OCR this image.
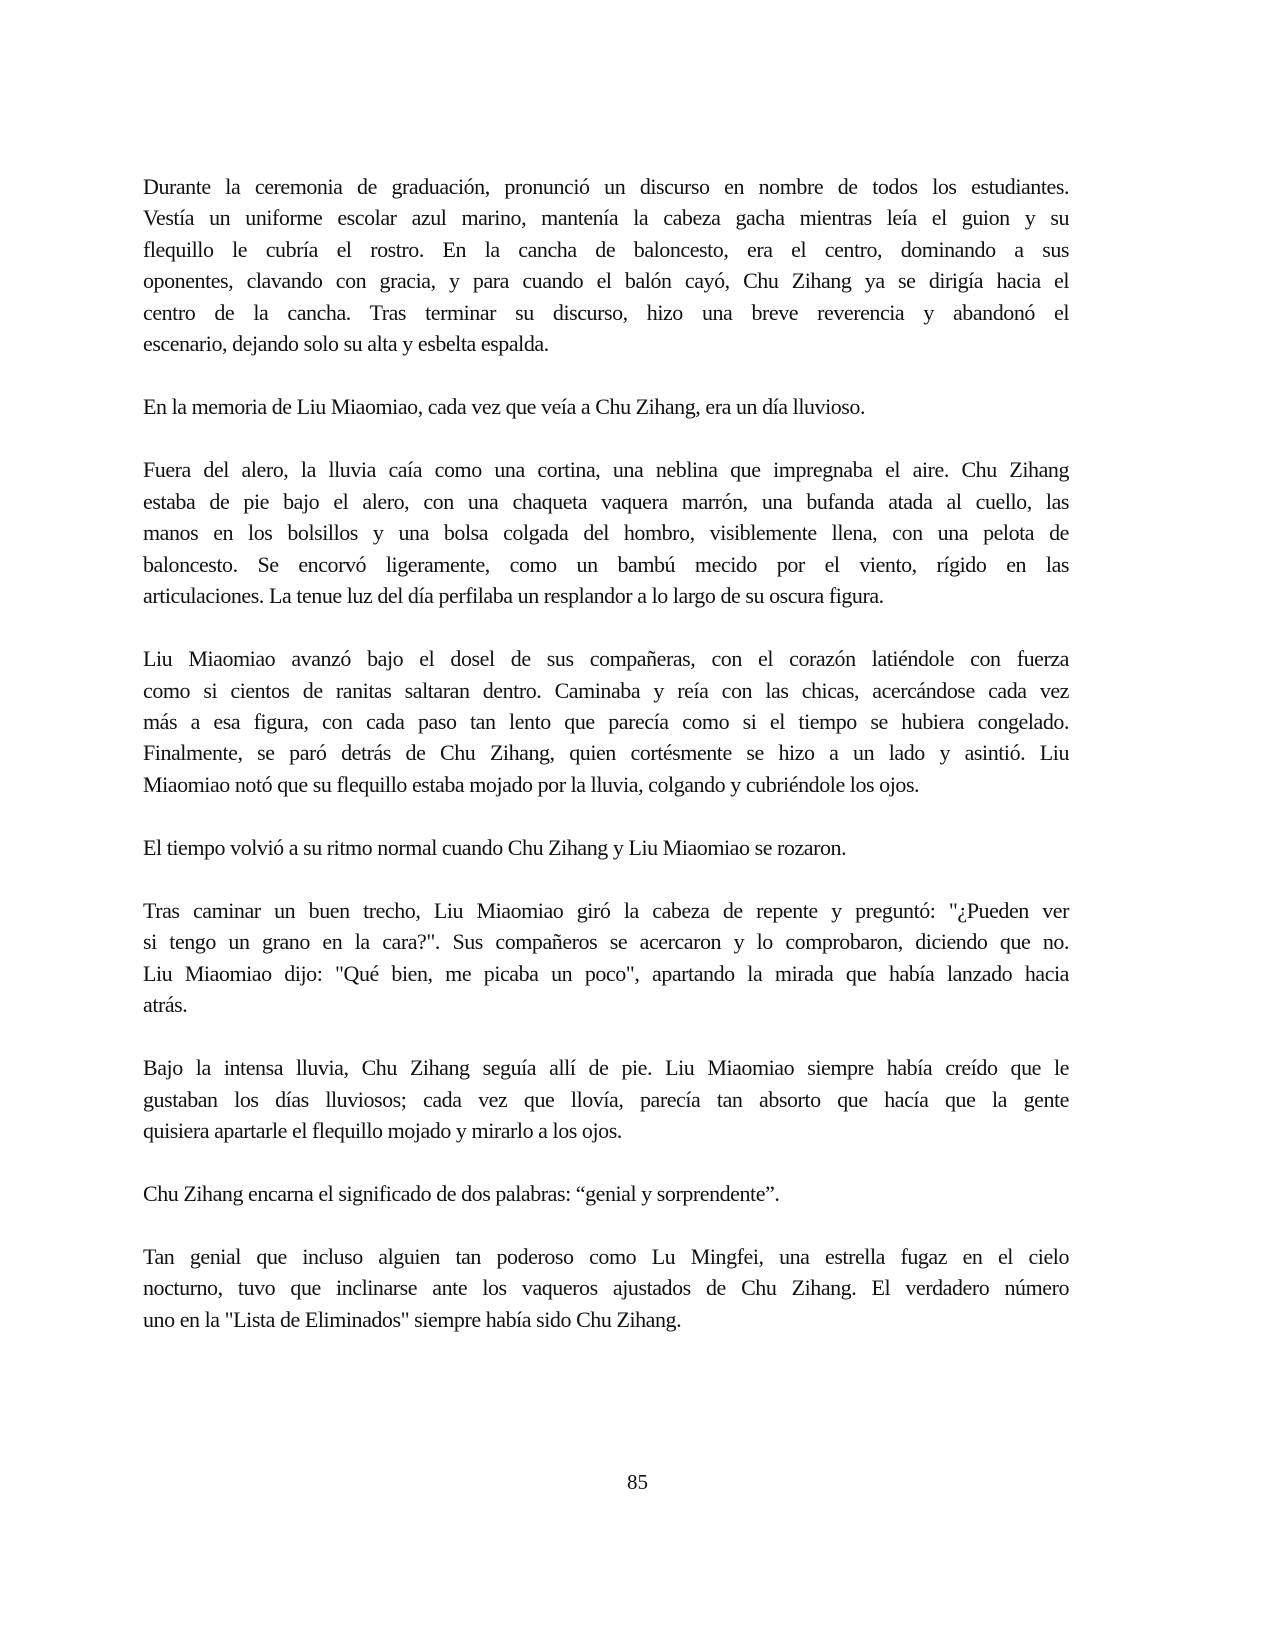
Durante la ceremonia de graduación, pronunció un discurso en nombre de todos los estudiantes.
Vestía un uniforme escolar azul marino, mantenía la cabeza gacha mientras leía el guion y su
flequillo le cubría el rostro. En la cancha de baloncesto, era el centro, dominando a sus
oponentes, clavando con gracia, y para cuando el balón cayó, Chu Zihang ya se dirigía hacia el
centro de la cancha. Tras terminar su discurso, hizo una breve reverencia y abandonó el
escenario, dejando solo su alta y esbelta espalda.
En la memoria de Liu Miaomiao, cada vez que veía a Chu Zihang, era un día lluvioso.
Fuera del alero, la lluvia caía como una cortina, una neblina que impregnaba el aire. Chu Zihang
estaba de pie bajo el alero, con una chaqueta vaquera marrón, una bufanda atada al cuello, las
manos en los bolsillos y una bolsa colgada del hombro, visiblemente llena, con una pelota de
baloncesto. Se encorvó ligeramente, como un bambú mecido por el viento, rígido en las
articulaciones. La tenue luz del día perfilaba un resplandor a lo largo de su oscura figura.
Liu Miaomiao avanzó bajo el dosel de sus compañeras, con el corazón latiéndole con fuerza
como si cientos de ranitas saltaran dentro. Caminaba y reía con las chicas, acercándose cada vez
más a esa figura, con cada paso tan lento que parecía como si el tiempo se hubiera congelado.
Finalmente, se paró detrás de Chu Zihang, quien cortésmente se hizo a un lado y asintió. Liu
Miaomiao notó que su flequillo estaba mojado por la lluvia, colgando y cubriéndole los ojos.
El tiempo volvió a su ritmo normal cuando Chu Zihang y Liu Miaomiao se rozaron.
Tras caminar un buen trecho, Liu Miaomiao giró la cabeza de repente y preguntó: "¿Pueden ver
si tengo un grano en la cara?". Sus compañeros se acercaron y lo comprobaron, diciendo que no.
Liu Miaomiao dijo: "Qué bien, me picaba un poco", apartando la mirada que había lanzado hacia
atrás.
Bajo la intensa lluvia, Chu Zihang seguía allí de pie. Liu Miaomiao siempre había creído que le
gustaban los días lluviosos; cada vez que llovía, parecía tan absorto que hacía que la gente
quisiera apartarle el flequillo mojado y mirarlo a los ojos.
Chu Zihang encarna el significado de dos palabras: “genial y sorprendente”.
Tan genial que incluso alguien tan poderoso como Lu Mingfei, una estrella fugaz en el cielo
nocturno, tuvo que inclinarse ante los vaqueros ajustados de Chu Zihang. El verdadero número
uno en la "Lista de Eliminados" siempre había sido Chu Zihang.
85
